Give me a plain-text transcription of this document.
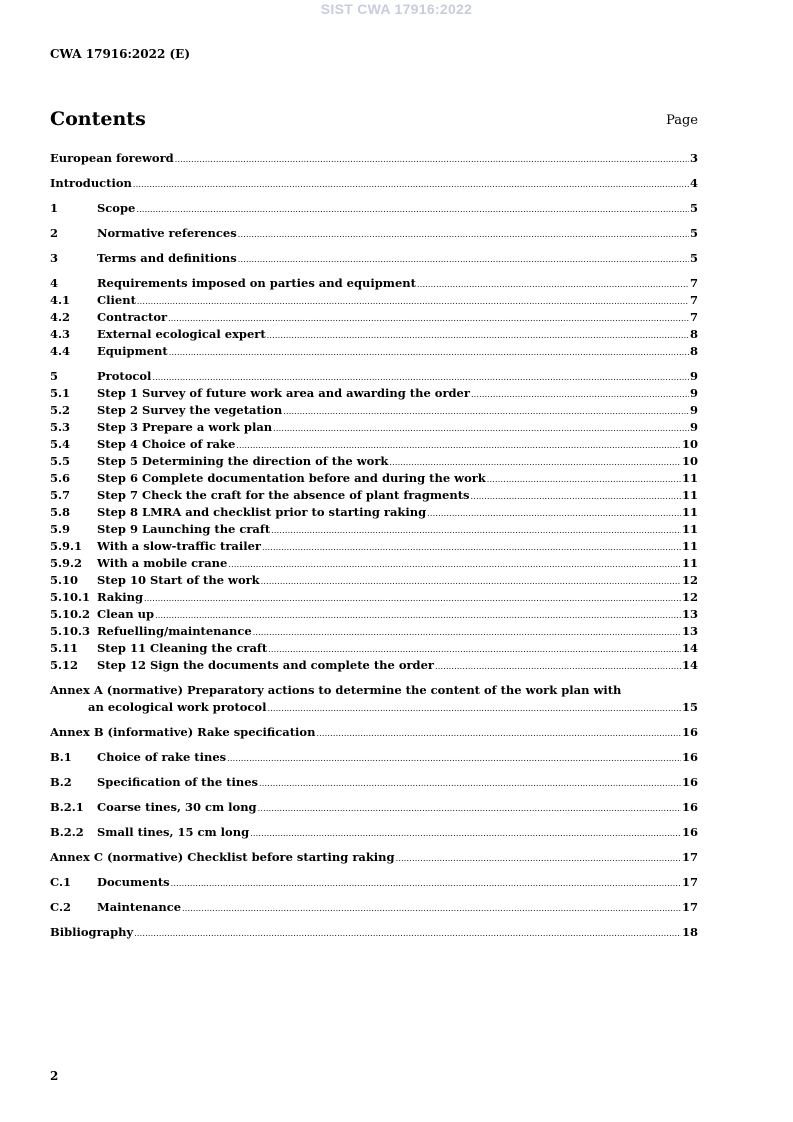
SIST CWA 17916:2022
CWA 17916:2022 (E)
Contents	Page
European foreword .....	3
Introduction .....	4
1	Scope .....	5
2	Normative references .....	5
3	Terms and definitions .....	5
4	Requirements imposed on parties and equipment .....	7
4.1	Client .....	7
4.2	Contractor .....	7
4.3	External ecological expert .....	8
4.4	Equipment .....	8
5	Protocol .....	9
5.1	Step 1 Survey of future work area and awarding the order .....	9
5.2	Step 2 Survey the vegetation .....	9
5.3	Step 3 Prepare a work plan .....	9
5.4	Step 4 Choice of rake .....	10
5.5	Step 5 Determining the direction of the work .....	10
5.6	Step 6 Complete documentation before and during the work .....	11
5.7	Step 7 Check the craft for the absence of plant fragments .....	11
5.8	Step 8 LMRA and checklist prior to starting raking .....	11
5.9	Step 9 Launching the craft .....	11
5.9.1	With a slow-traffic trailer .....	11
5.9.2	With a mobile crane .....	11
5.10	Step 10 Start of the work .....	12
5.10.1 Raking .....	12
5.10.2 Clean up .....	13
5.10.3 Refuelling/maintenance .....	13
5.11	Step 11 Cleaning the craft .....	14
5.12	Step 12 Sign the documents and complete the order .....	14
Annex A (normative) Preparatory actions to determine the content of the work plan with
an ecological work protocol .....	15
Annex B (informative) Rake specification .....	16
B.1	Choice of rake tines .....	16
B.2	Specification of the tines .....	16
B.2.1	Coarse tines, 30 cm long .....	16
B.2.2	Small tines, 15 cm long .....	16
Annex C (normative) Checklist before starting raking .....	17
C.1	Documents .....	17
C.2	Maintenance .....	17
Bibliography .....	18
2
